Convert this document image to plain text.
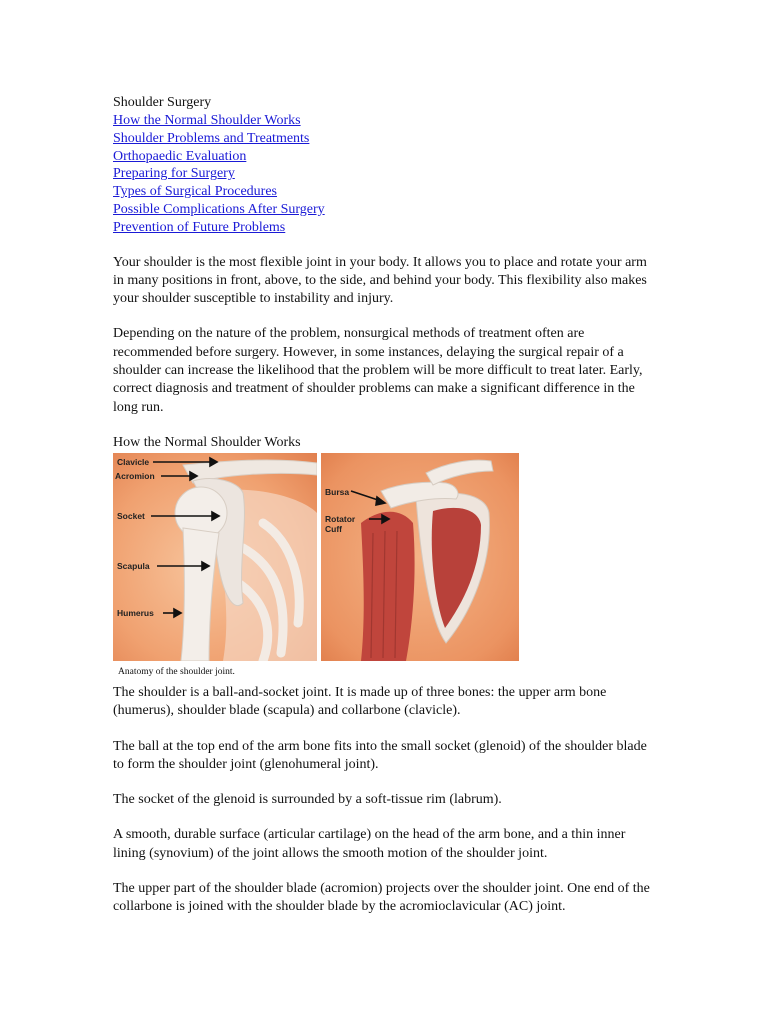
Shoulder Surgery
How the Normal Shoulder Works
Shoulder Problems and Treatments
Orthopaedic Evaluation
Preparing for Surgery
Types of Surgical Procedures
Possible Complications After Surgery
Prevention of Future Problems

Your shoulder is the most flexible joint in your body. It allows you to place and rotate your arm in many positions in front, above, to the side, and behind your body. This flexibility also makes your shoulder susceptible to instability and injury.

Depending on the nature of the problem, nonsurgical methods of treatment often are recommended before surgery. However, in some instances, delaying the surgical repair of a shoulder can increase the likelihood that the problem will be more difficult to treat later. Early, correct diagnosis and treatment of shoulder problems can make a significant difference in the long run.

How the Normal Shoulder Works
Clavicle
Acromion
Socket
Scapula
Humerus
Bursa
Rotator
Cuff
Anatomy of the shoulder joint.

The shoulder is a ball-and-socket joint. It is made up of three bones: the upper arm bone (humerus), shoulder blade (scapula) and collarbone (clavicle).

The ball at the top end of the arm bone fits into the small socket (glenoid) of the shoulder blade to form the shoulder joint (glenohumeral joint).

The socket of the glenoid is surrounded by a soft-tissue rim (labrum).

A smooth, durable surface (articular cartilage) on the head of the arm bone, and a thin inner lining (synovium) of the joint allows the smooth motion of the shoulder joint.

The upper part of the shoulder blade (acromion) projects over the shoulder joint. One end of the collarbone is joined with the shoulder blade by the acromioclavicular (AC) joint.
